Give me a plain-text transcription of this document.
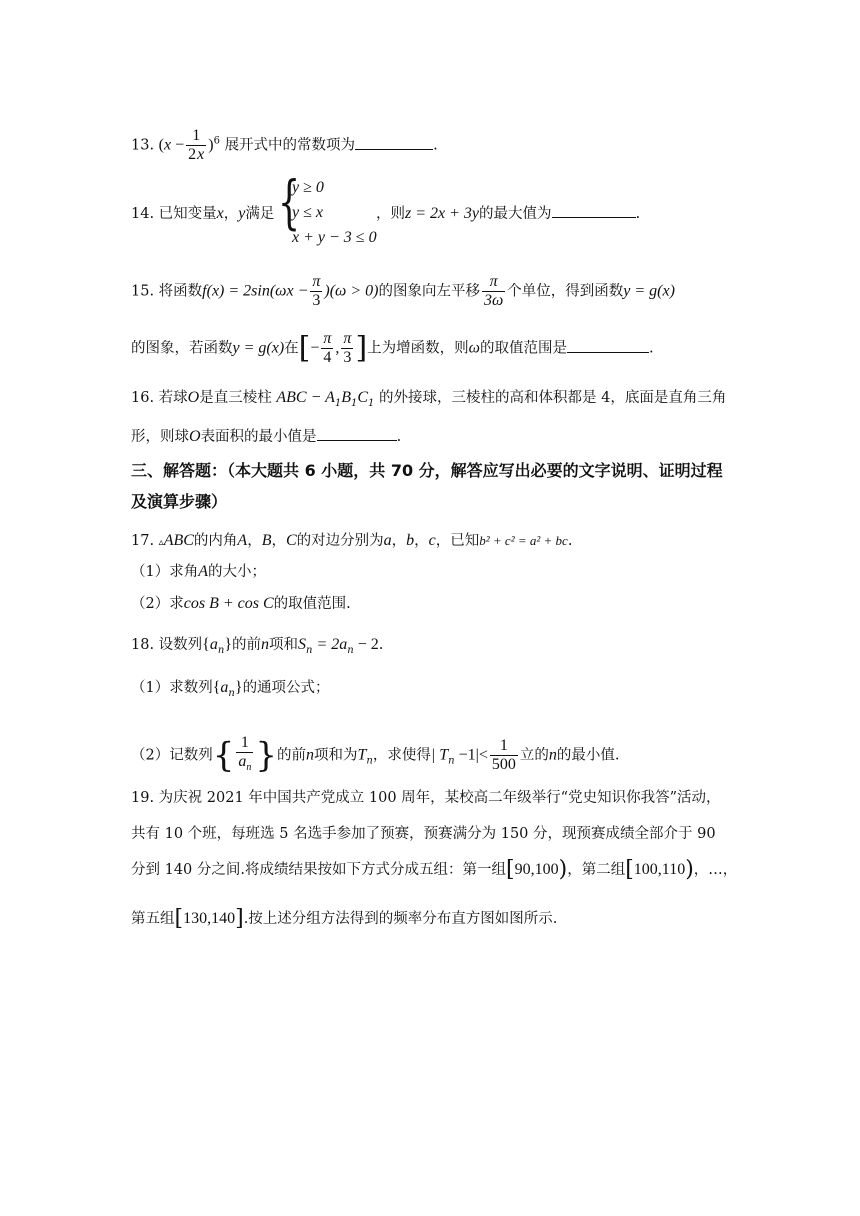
13. $(x - \frac{1}{2x} )^6$ 展开式中的常数项为	.
14. 已知变量x，y满足 {
y ≥ 0
y ≤ x
x + y − 3 ≤ 0
，则z = 2x + 3y的最大值为	.
15. 将函数$f(x) = 2\sin(\omega x - \frac{\pi}{3} )(\omega > 0)$的图象向左平移 $\frac{\pi}{3\omega}$ 个单位，得到函数y = g(x)
的图象，若函数y = g(x)在[− $\frac{\pi}{4}$ , $\frac{\pi}{3}$ ]上为增函数，则ω的取值范围是	.
16. 若球O是直三棱柱 ABC − $A_1B_1C_1$ 的外接球，三棱柱的高和体积都是 4，底面是直角三角
形，则球O表面积的最小值是	.
三、解答题：（本大题共 6 小题，共 70 分，解答应写出必要的文字说明、证明过程
及演算步骤）
17. ▵ABC的内角A，B，C的对边分别为a，b，c，已知b² + c² = a² + bc.
（1）求角A的大小；
（2）求cos B + cos C的取值范围.
18. 设数列$\{a_n\}$的前n项和$S_n = 2a_n - 2$.
（1）求数列$\{a_n\}$的通项公式；
（2）记数列{ $\frac{1}{a_n}$ }的前n项和为$T_n$，求使得| $T_n -1|< \frac{1}{500}$ 立的n的最小值.
19. 为庆祝 2021 年中国共产党成立 100 周年，某校高二年级举行“党史知识你我答”活动，
共有 10 个班，每班选 5 名选手参加了预赛，预赛满分为 150 分，现预赛成绩全部介于 90
分到 140 分之间.将成绩结果按如下方式分成五组：第一组[90,100)，第二组[100,110)，…，
第五组[130,140].按上述分组方法得到的频率分布直方图如图所示.
